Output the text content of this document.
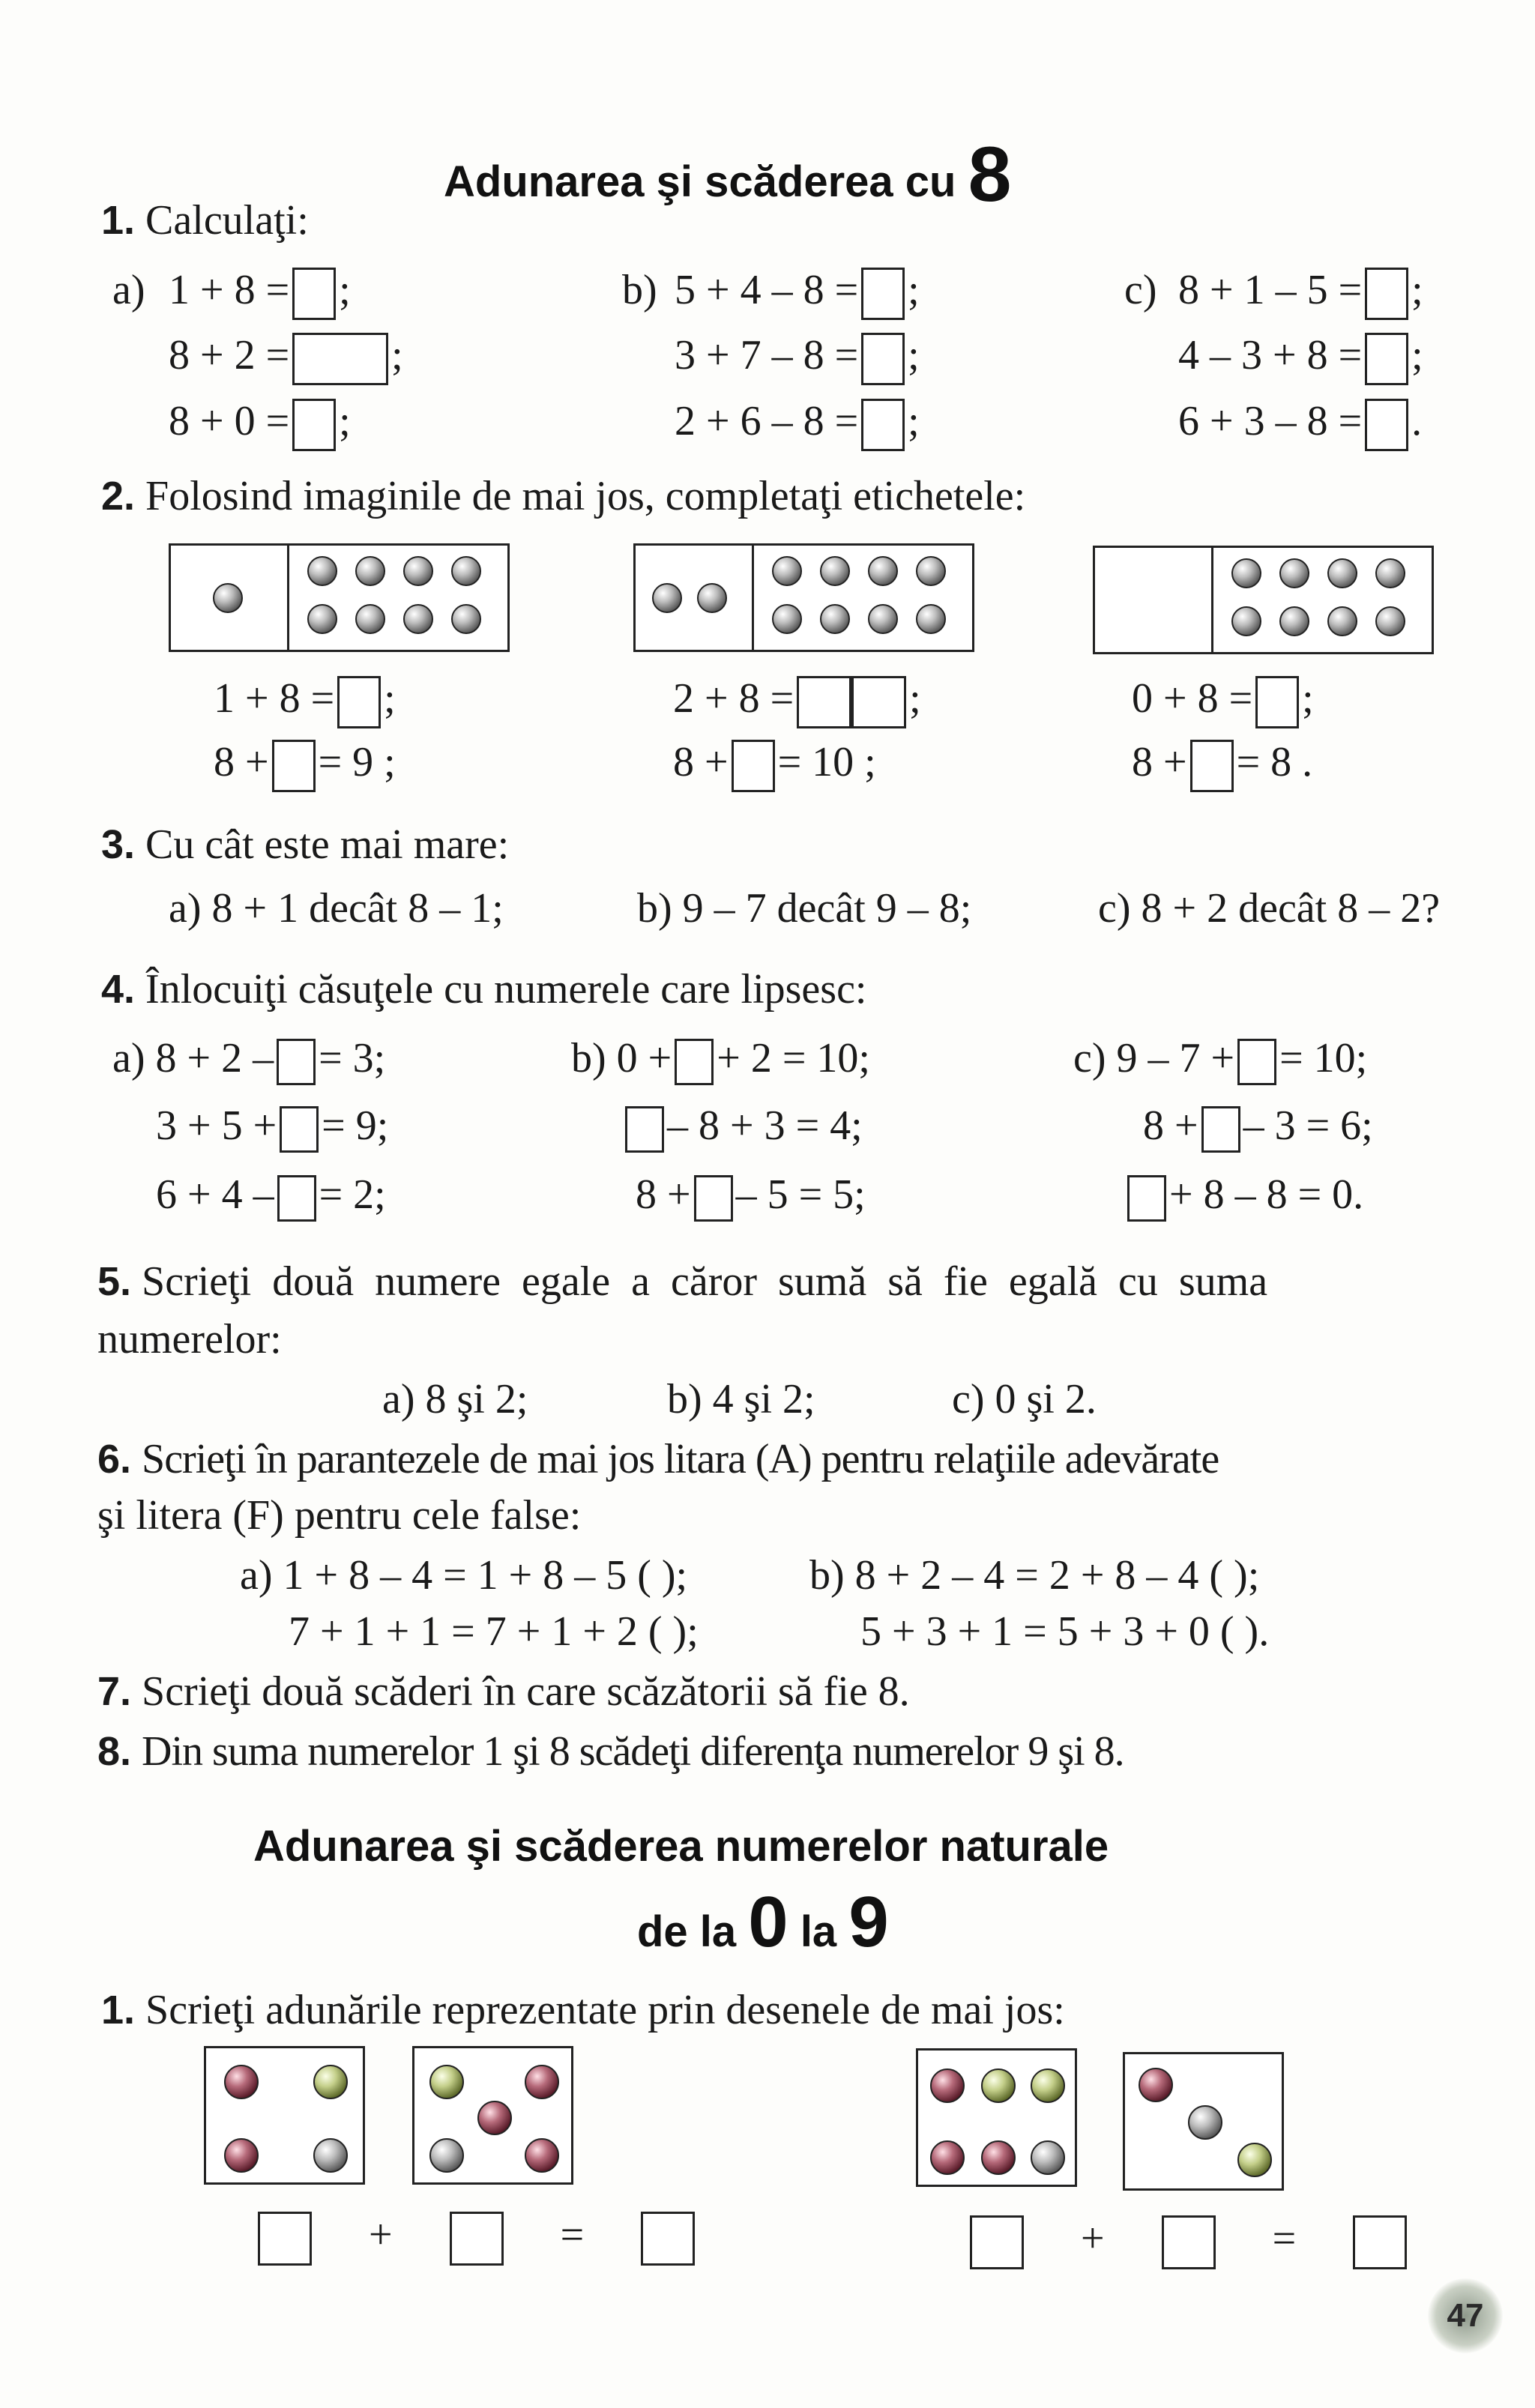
Adunarea şi scăderea cu 8
1. Calculaţi:
a) 1 + 8 = ;
8 + 2 = ;
8 + 0 = ;
b) 5 + 4 – 8 = ;
3 + 7 – 8 = ;
2 + 6 – 8 = ;
c) 8 + 1 – 5 = ;
4 – 3 + 8 = ;
6 + 3 – 8 = .
2. Folosind imaginile de mai jos, completaţi etichetele:
1 + 8 = ;
8 + = 9 ;
2 + 8 =	;
8 + = 10 ;
0 + 8 = ;
8 + = 8 .
3. Cu cât este mai mare:
a) 8 + 1 decât 8 – 1;	b) 9 – 7 decât 9 – 8;	c) 8 + 2 decât 8 – 2?
4. Înlocuiţi căsuţele cu numerele care lipsesc:
a) 8 + 2 – = 3;
3 + 5 + = 9;
6 + 4 – = 2;
b) 0 + + 2 = 10;
– 8 + 3 = 4;
8 + – 5 = 5;
c) 9 – 7 + = 10;
8 + – 3 = 6;
+ 8 – 8 = 0.
5. Scrieţi două numere egale a căror sumă să fie egală cu suma
numerelor:
a) 8 şi 2;	b) 4 şi 2;	c) 0 şi 2.
6. Scrieţi în parantezele de mai jos litara (A) pentru relaţiile adevărate
şi litera (F) pentru cele false:
a) 1 + 8 – 4 = 1 + 8 – 5 ( );	b) 8 + 2 – 4 = 2 + 8 – 4 ( );
7 + 1 + 1 = 7 + 1 + 2 ( );	5 + 3 + 1 = 5 + 3 + 0 ( ).
7. Scrieţi două scăderi în care scăzătorii să fie 8.
8. Din suma numerelor 1 şi 8 scădeţi diferenţa numerelor 9 şi 8.
Adunarea şi scăderea numerelor naturale
de la 0 la 9
1. Scrieţi adunările reprezentate prin desenele de mai jos:
+	=	+	=
47
